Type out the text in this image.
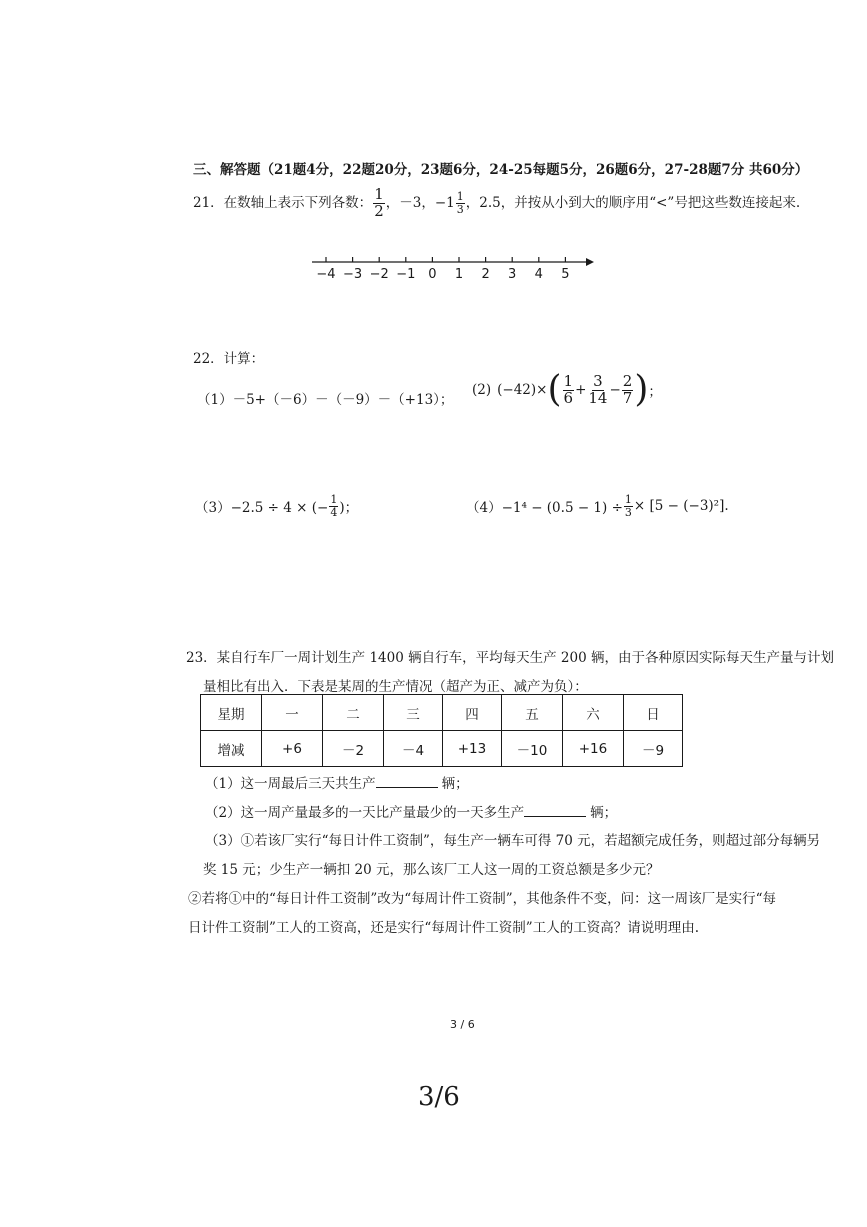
三、解答题（21题4分，22题20分，23题6分，24-25每题5分，26题6分，27-28题7分 共60分）
21．在数轴上表示下列各数： $\frac{1}{2}$ ，－3，$-1 \frac{1}{3}$ ，2.5，并按从小到大的顺序用“<”号把这些数连接起来.
−4 −3 −2 −1 0 1 2 3 4 5
22．计算：
（1）－5+（－6）－（－9）－（+13）；
(2) (−42)× ( $\frac{1}{6} + \frac{3}{14} - \frac{2}{7}$ ) ；
（3）−2.5 ÷ 4 × (− $\frac{1}{4}$ )；	$(4)-1^4 - (0.5 - 1) \div \frac{1}{3} \times [5 - (-3)^2]$.
23．某自行车厂一周计划生产 1400 辆自行车，平均每天生产 200 辆，由于各种原因实际每天生产量与计划
量相比有出入．下表是某周的生产情况（超产为正、减产为负）：
星期	一	二	三	四	五	六	日
增减	+6	－2	－4	+13	－10	+16	－9
（1）这一周最后三天共生产	辆；
（2）这一周产量最多的一天比产量最少的一天多生产	辆；
（3）①若该厂实行“每日计件工资制”，每生产一辆车可得 70 元，若超额完成任务，则超过部分每辆另
奖 15 元；少生产一辆扣 20 元，那么该厂工人这一周的工资总额是多少元？
②若将①中的“每日计件工资制”改为“每周计件工资制”，其他条件不变，问：这一周该厂是实行“每
日计件工资制”工人的工资高，还是实行“每周计件工资制”工人的工资高？请说明理由.
3 / 6
3/6
